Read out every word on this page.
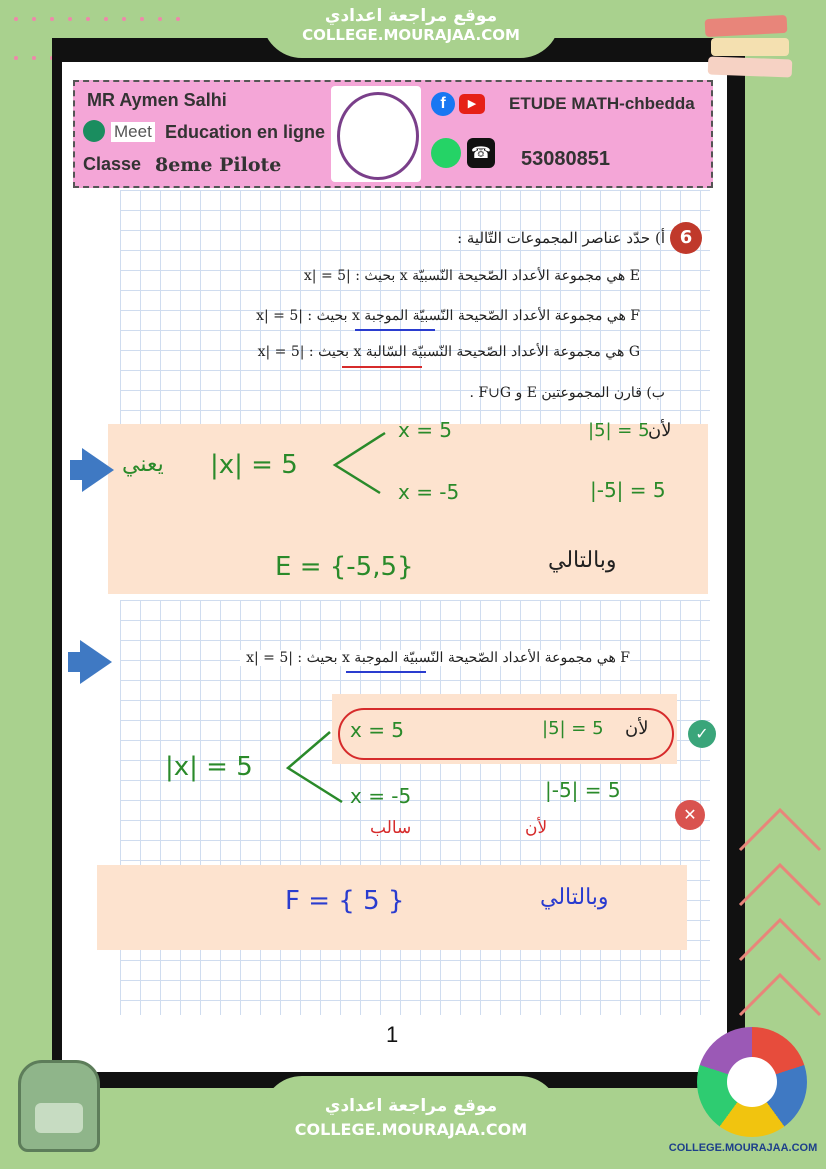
موقع مراجعة اعدادي
COLLEGE.MOURAJAA.COM
MR Aymen Salhi
Meet Education en ligne
Classe 8eme Pilote
f	▶
☎
ETUDE MATH-chbedda
53080851
6
أ) حدّد عناصر المجموعات التّالية :
E هي مجموعة الأعداد الصّحيحة النّسبيّة x بحيث : |x| = 5
F هي مجموعة الأعداد الصّحيحة النّسبيّة الموجبة x بحيث : |x| = 5
G هي مجموعة الأعداد الصّحيحة النّسبيّة السّالبة x بحيث : |x| = 5
ب) قارن المجموعتين E و F∪G .
يعني |x| = 5
x = 5
x = -5
لأن
|5| = 5
|-5| = 5
E = {-5,5}	وبالتالي
F هي مجموعة الأعداد الصّحيحة النّسبيّة الموجبة x بحيث : |x| = 5
x = 5	|5| = 5 لأن	✓
|x| = 5
x = -5	|-5| = 5
سالب	لأن
✕
F = { 5 }	وبالتالي
1
موقع مراجعة اعدادي
COLLEGE.MOURAJAA.COM
COLLEGE.MOURAJAA.COM
